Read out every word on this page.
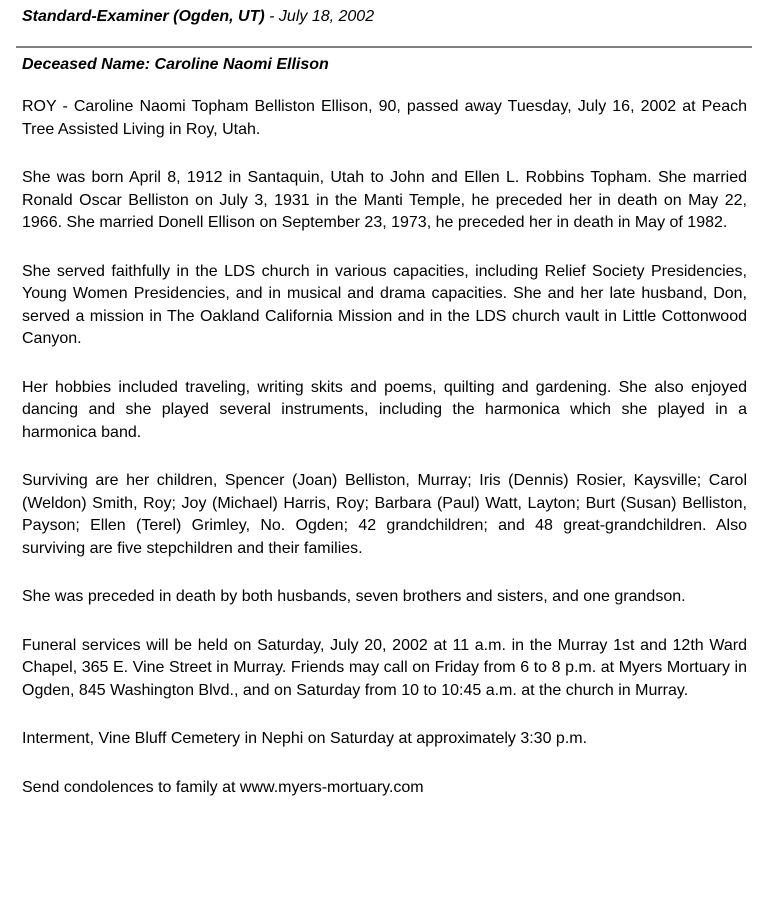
Standard-Examiner (Ogden, UT) - July 18, 2002
Deceased Name: Caroline Naomi Ellison

ROY - Caroline Naomi Topham Belliston Ellison, 90, passed away Tuesday, July 16, 2002 at Peach Tree Assisted Living in Roy, Utah.

She was born April 8, 1912 in Santaquin, Utah to John and Ellen L. Robbins Topham. She married Ronald Oscar Belliston on July 3, 1931 in the Manti Temple, he preceded her in death on May 22, 1966. She married Donell Ellison on September 23, 1973, he preceded her in death in May of 1982.

She served faithfully in the LDS church in various capacities, including Relief Society Presidencies, Young Women Presidencies, and in musical and drama capacities. She and her late husband, Don, served a mission in The Oakland California Mission and in the LDS church vault in Little Cottonwood Canyon.

Her hobbies included traveling, writing skits and poems, quilting and gardening. She also enjoyed dancing and she played several instruments, including the harmonica which she played in a harmonica band.

Surviving are her children, Spencer (Joan) Belliston, Murray; Iris (Dennis) Rosier, Kaysville; Carol (Weldon) Smith, Roy; Joy (Michael) Harris, Roy; Barbara (Paul) Watt, Layton; Burt (Susan) Belliston, Payson; Ellen (Terel) Grimley, No. Ogden; 42 grandchildren; and 48 great-grandchildren. Also surviving are five stepchildren and their families.

She was preceded in death by both husbands, seven brothers and sisters, and one grandson.

Funeral services will be held on Saturday, July 20, 2002 at 11 a.m. in the Murray 1st and 12th Ward Chapel, 365 E. Vine Street in Murray. Friends may call on Friday from 6 to 8 p.m. at Myers Mortuary in Ogden, 845 Washington Blvd., and on Saturday from 10 to 10:45 a.m. at the church in Murray.

Interment, Vine Bluff Cemetery in Nephi on Saturday at approximately 3:30 p.m.

Send condolences to family at www.myers-mortuary.com
